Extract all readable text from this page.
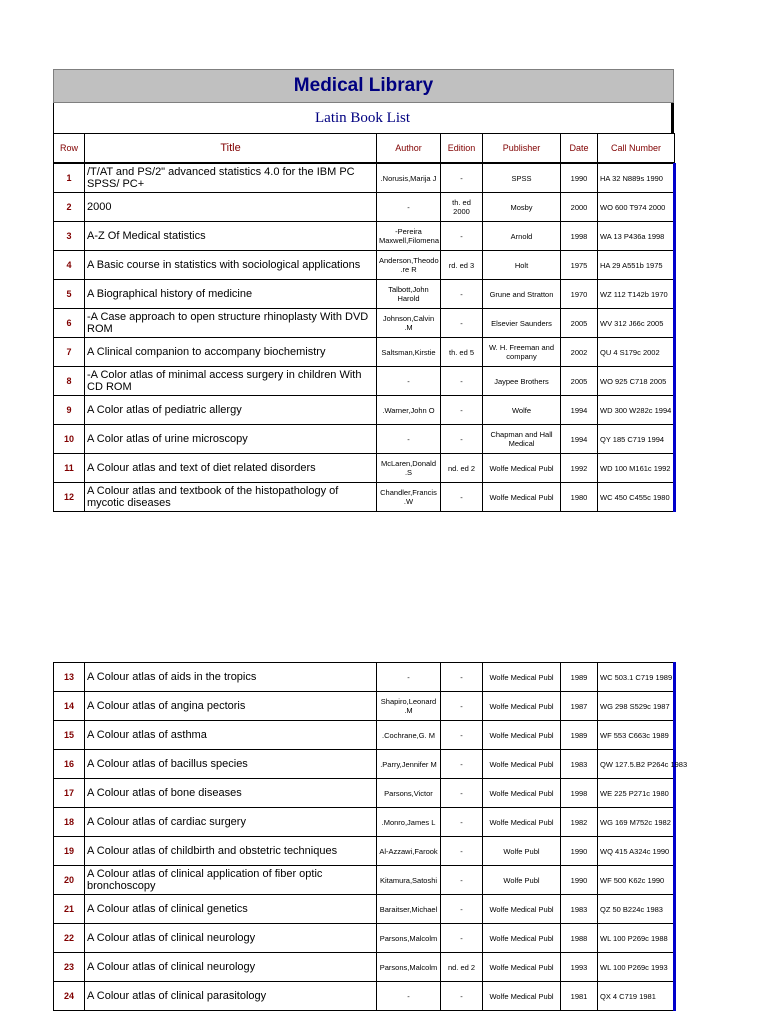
Medical Library
Latin Book List
Row	Title	Author	Edition	Publisher	Date	Call Number
1	/T/AT and PS/2" advanced statistics 4.0 for the IBM PC SPSS/ PC+	.Norusis,Marija J	-	SPSS	1990	HA 32 N889s 1990
2	2000	-	th. ed 2000	Mosby	2000	WO 600 T974 2000
3	A-Z Of Medical statistics	-Pereira Maxwell,Filomena	-	Arnold	1998	WA 13 P436a 1998
4	A Basic course in statistics with sociological applications	Anderson,Theodo .re R	rd. ed 3	Holt	1975	HA 29 A551b 1975
5	A Biographical history of medicine	Talbott,John Harold	-	Grune and Stratton	1970	WZ 112 T142b 1970
6	-A Case approach to open structure rhinoplasty With DVD ROM	Johnson,Calvin .M	-	Elsevier Saunders	2005	WV 312 J66c 2005
7	A Clinical companion to accompany biochemistry	Saltsman,Kirstie	th. ed 5	W. H. Freeman and company	2002	QU 4 S179c 2002
8	-A Color atlas of minimal access surgery in children With CD ROM	-	-	Jaypee Brothers	2005	WO 925 C718 2005
9	A Color atlas of pediatric allergy	.Warner,John O	-	Wolfe	1994	WD 300 W282c 1994
10	A Color atlas of urine microscopy	-	-	Chapman and Hall Medical	1994	QY 185 C719 1994
11	A Colour atlas and text of diet related disorders	McLaren,Donald .S	nd. ed 2	Wolfe Medical Publ	1992	WD 100 M161c 1992
12	A Colour atlas and textbook of the histopathology of mycotic diseases	Chandler,Francis .W	-	Wolfe Medical Publ	1980	WC 450 C455c 1980
13	A Colour atlas of aids in the tropics	-	-	Wolfe Medical Publ	1989	WC 503.1 C719 1989
14	A Colour atlas of angina pectoris	Shapiro,Leonard .M	-	Wolfe Medical Publ	1987	WG 298 S529c 1987
15	A Colour atlas of asthma	.Cochrane,G. M	-	Wolfe Medical Publ	1989	WF 553 C663c 1989
16	A Colour atlas of bacillus species	.Parry,Jennifer M	-	Wolfe Medical Publ	1983	QW 127.5.B2 P264c 1983
17	A Colour atlas of bone diseases	Parsons,Victor	-	Wolfe Medical Publ	1998	WE 225 P271c 1980
18	A Colour atlas of cardiac surgery	.Monro,James L	-	Wolfe Medical Publ	1982	WG 169 M752c 1982
19	A Colour atlas of childbirth and obstetric techniques	Al-Azzawi,Farook	-	Wolfe Publ	1990	WQ 415 A324c 1990
20	A Colour atlas of clinical application of fiber optic bronchoscopy	Kitamura,Satoshi	-	Wolfe Publ	1990	WF 500 K62c 1990
21	A Colour atlas of clinical genetics	Baraitser,Michael	-	Wolfe Medical Publ	1983	QZ 50 B224c 1983
22	A Colour atlas of clinical neurology	Parsons,Malcolm	-	Wolfe Medical Publ	1988	WL 100 P269c 1988
23	A Colour atlas of clinical neurology	Parsons,Malcolm	nd. ed 2	Wolfe Medical Publ	1993	WL 100 P269c 1993
24	A Colour atlas of clinical parasitology	-	-	Wolfe Medical Publ	1981	QX 4 C719 1981
